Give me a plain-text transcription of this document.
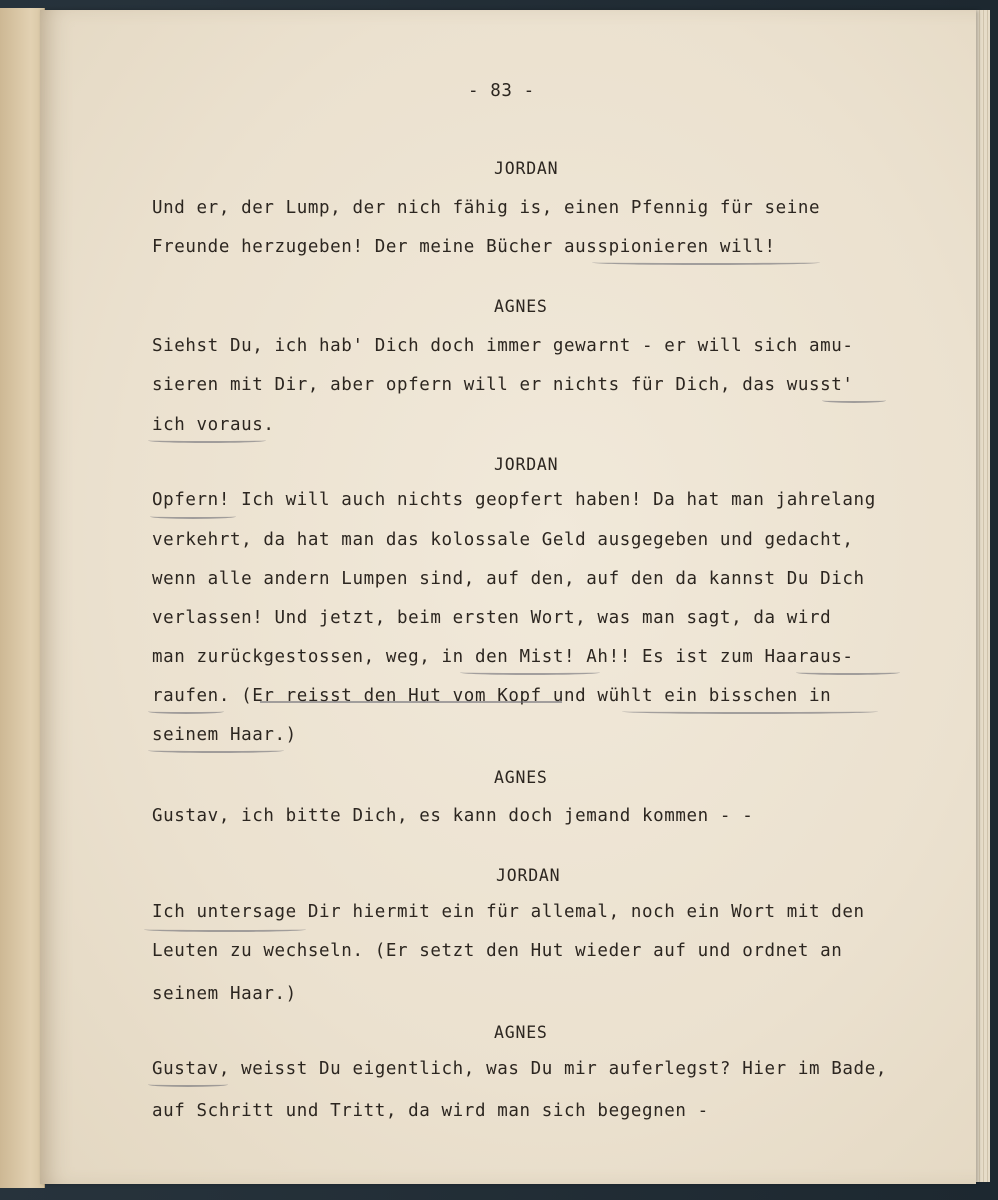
- 83 -
JORDAN
Und er, der Lump, der nich fähig is, einen Pfennig für seine
Freunde herzugeben! Der meine Bücher ausspionieren will!
AGNES
Siehst Du, ich hab' Dich doch immer gewarnt - er will sich amu-
sieren mit Dir, aber opfern will er nichts für Dich, das wusst'
ich voraus.
JORDAN
Opfern! Ich will auch nichts geopfert haben! Da hat man jahrelang
verkehrt, da hat man das kolossale Geld ausgegeben und gedacht,
wenn alle andern Lumpen sind, auf den, auf den da kannst Du Dich
verlassen! Und jetzt, beim ersten Wort, was man sagt, da wird
man zurückgestossen, weg, in den Mist! Ah!! Es ist zum Haaraus-
raufen. (Er reisst den Hut vom Kopf und wühlt ein bisschen in
seinem Haar.)
AGNES
Gustav, ich bitte Dich, es kann doch jemand kommen - -
JORDAN
Ich untersage Dir hiermit ein für allemal, noch ein Wort mit den
Leuten zu wechseln. (Er setzt den Hut wieder auf und ordnet an
seinem Haar.)
AGNES
Gustav, weisst Du eigentlich, was Du mir auferlegst? Hier im Bade,
auf Schritt und Tritt, da wird man sich begegnen -
